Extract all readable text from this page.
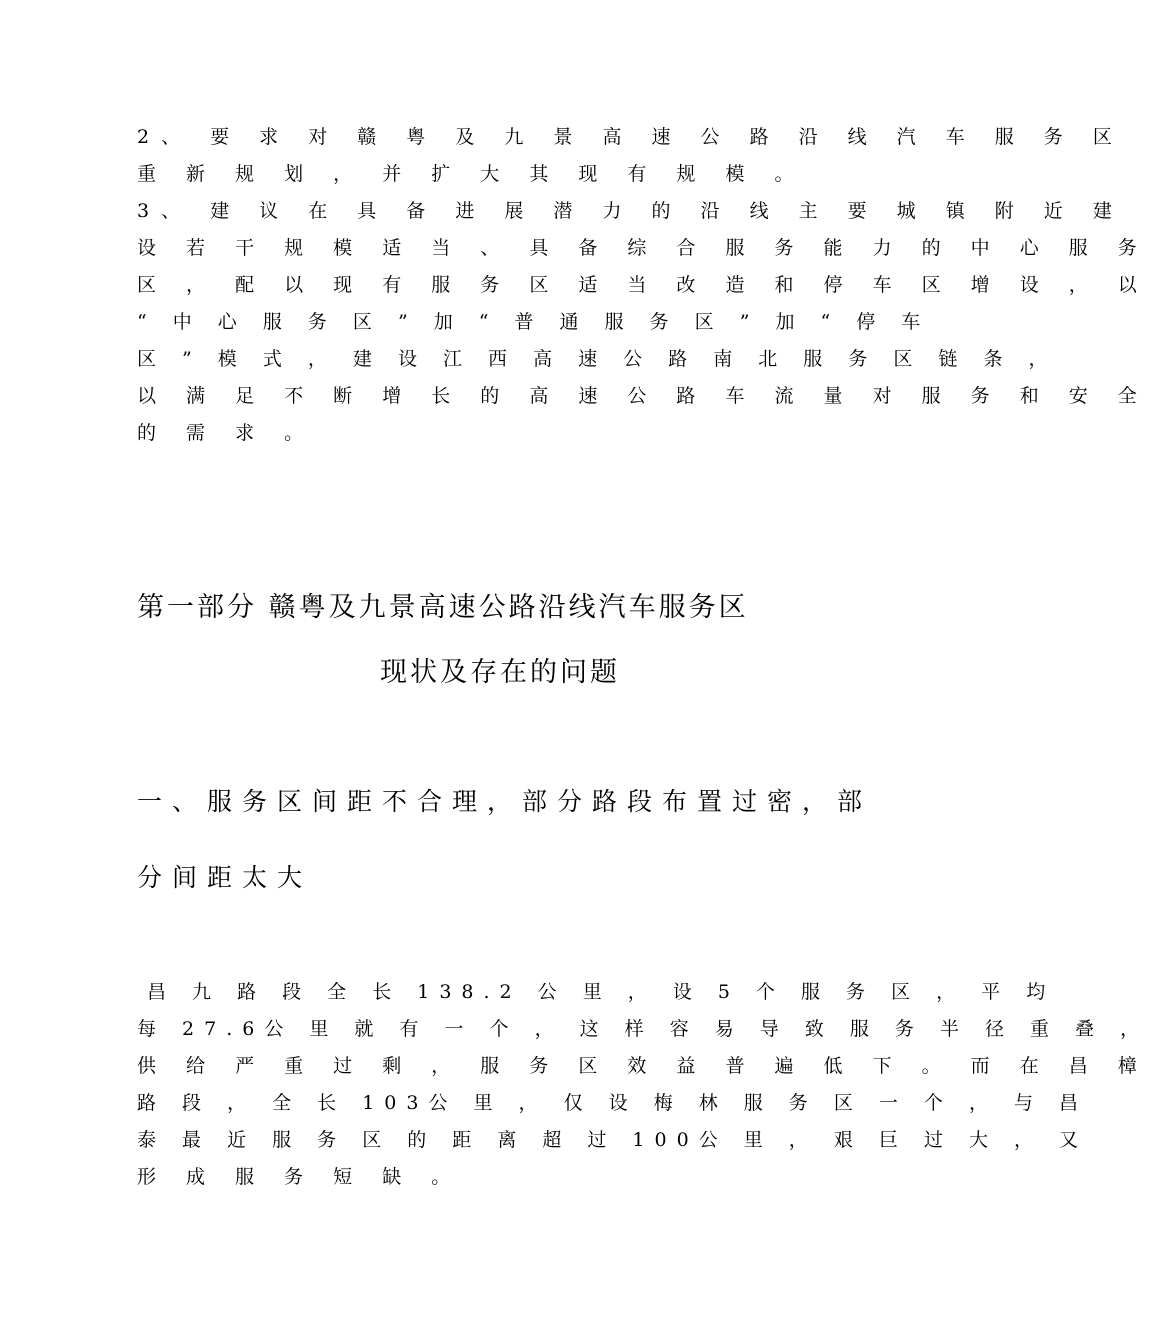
2、 要 求 对 赣 粤 及 九 景 高 速 公 路 沿 线 汽 车 服 务 区
重 新 规 划 ， 并 扩 大 其 现 有 规 模 。
3、 建 议 在 具 备 进 展 潜 力 的 沿 线 主 要 城 镇 附 近 建
设 若 干 规 模 适 当 、 具 备 综 合 服 务 能 力 的 中 心 服 务
区 ， 配 以 现 有 服 务 区 适 当 改 造 和 停 车 区 增 设 ， 以
“ 中 心 服 务 区 ” 加 “ 普 通 服 务 区 ” 加 “ 停 车
区 ” 模 式 ， 建 设 江 西 高 速 公 路 南 北 服 务 区 链 条 ，
以 满 足 不 断 增 长 的 高 速 公 路 车 流 量 对 服 务 和 安 全
的 需 求 。
第一部分 赣粤及九景高速公路沿线汽车服务区
现状及存在的问题
一、服务区间距不合理，部分路段布置过密，部
分间距太大
昌 九 路 段 全 长 138.2 公 里 ， 设 5 个 服 务 区 ， 平 均
每 27.6公 里 就 有 一 个 ， 这 样 容 易 导 致 服 务 半 径 重 叠 ，
供 给 严 重 过 剩 ， 服 务 区 效 益 普 遍 低 下 。 而 在 昌 樟
路 段 ， 全 长 103公 里 ， 仅 设 梅 林 服 务 区 一 个 ， 与 昌
泰 最 近 服 务 区 的 距 离 超 过 100公 里 ， 艰 巨 过 大 ， 又
形 成 服 务 短 缺 。
